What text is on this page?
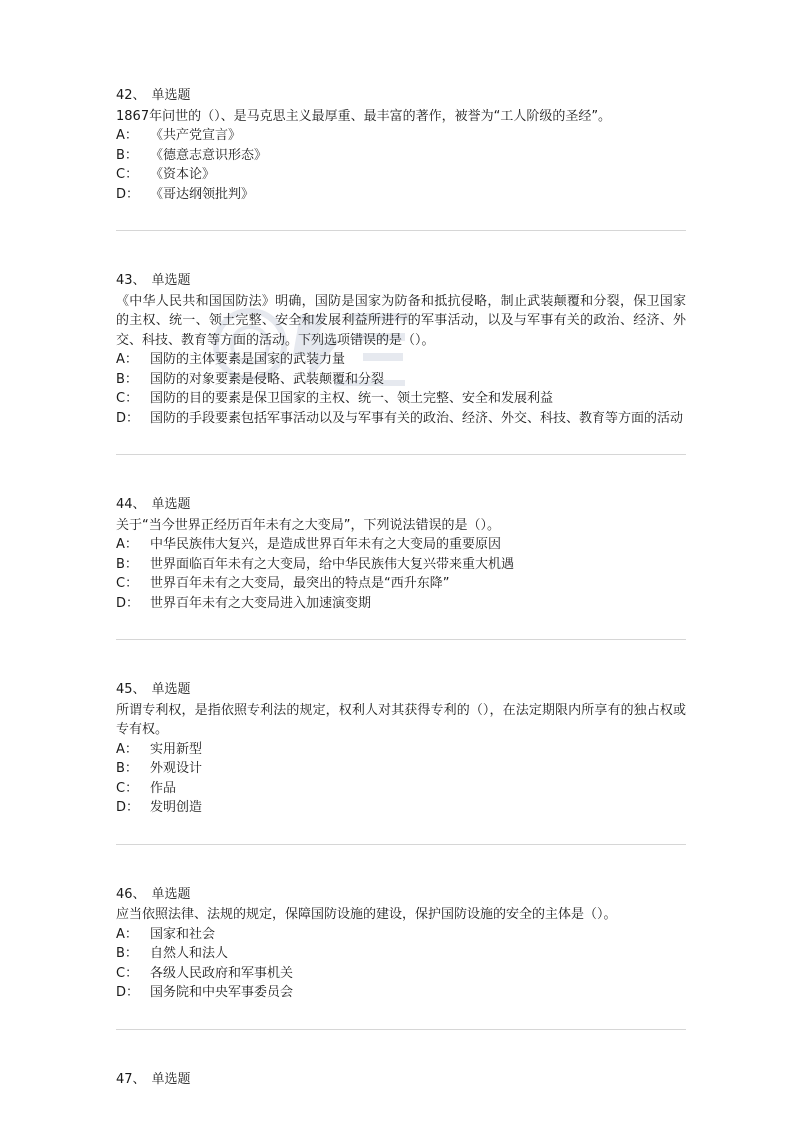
42、 单选题

1867年问世的（）、是马克思主义最厚重、最丰富的著作，被誉为“工人阶级的圣经”。

A： 《共产党宣言》
B： 《德意志意识形态》
C： 《资本论》
D： 《哥达纲领批判》
43、 单选题

《中华人民共和国国防法》明确，国防是国家为防备和抵抗侵略，制止武装颠覆和分裂，保卫国家的主权、统一、领土完整、安全和发展利益所进行的军事活动，以及与军事有关的政治、经济、外交、科技、教育等方面的活动。下列选项错误的是（）。

A： 国防的主体要素是国家的武装力量
B： 国防的对象要素是侵略、武装颠覆和分裂
C： 国防的目的要素是保卫国家的主权、统一、领土完整、安全和发展利益
D： 国防的手段要素包括军事活动以及与军事有关的政治、经济、外交、科技、教育等方面的活动
44、 单选题

关于“当今世界正经历百年未有之大变局”，下列说法错误的是（）。

A： 中华民族伟大复兴，是造成世界百年未有之大变局的重要原因
B： 世界面临百年未有之大变局，给中华民族伟大复兴带来重大机遇
C： 世界百年未有之大变局，最突出的特点是“西升东降”
D： 世界百年未有之大变局进入加速演变期
45、 单选题

所谓专利权，是指依照专利法的规定，权利人对其获得专利的（），在法定期限内所享有的独占权或专有权。

A： 实用新型
B： 外观设计
C： 作品
D： 发明创造
46、 单选题

应当依照法律、法规的规定，保障国防设施的建设，保护国防设施的安全的主体是（）。

A： 国家和社会
B： 自然人和法人
C： 各级人民政府和军事机关
D： 国务院和中央军事委员会
47、 单选题
